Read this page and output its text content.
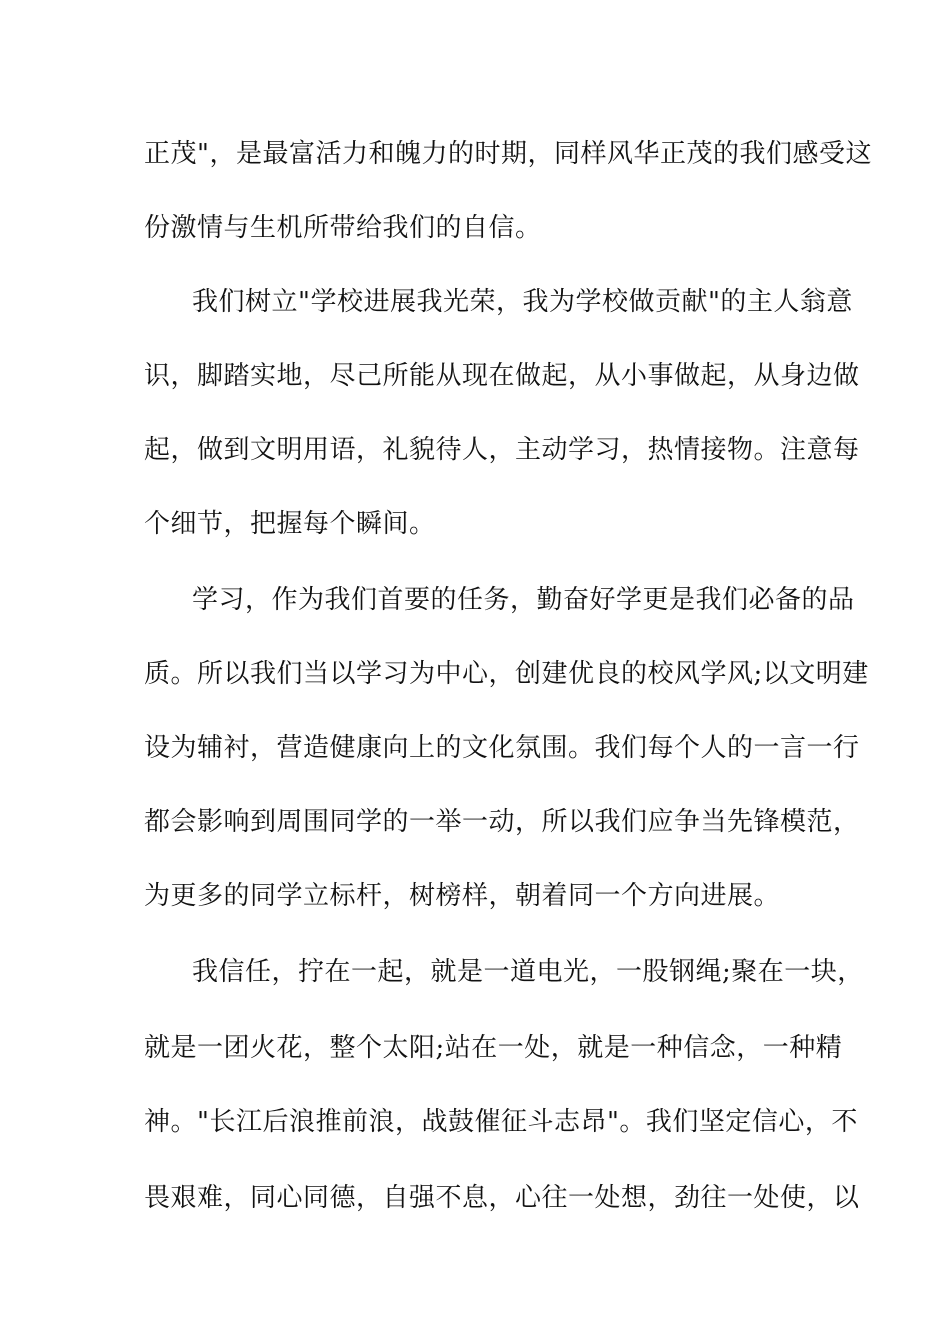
正茂"，是最富活力和魄力的时期，同样风华正茂的我们感受这
份激情与生机所带给我们的自信。
我们树立"学校进展我光荣，我为学校做贡献"的主人翁意
识，脚踏实地，尽己所能从现在做起，从小事做起，从身边做
起，做到文明用语，礼貌待人，主动学习，热情接物。注意每
个细节，把握每个瞬间。
学习，作为我们首要的任务，勤奋好学更是我们必备的品
质。所以我们当以学习为中心，创建优良的校风学风;以文明建
设为辅衬，营造健康向上的文化氛围。我们每个人的一言一行
都会影响到周围同学的一举一动，所以我们应争当先锋模范，
为更多的同学立标杆，树榜样，朝着同一个方向进展。
我信任，拧在一起，就是一道电光，一股钢绳;聚在一块，
就是一团火花，整个太阳;站在一处，就是一种信念，一种精
神。"长江后浪推前浪，战鼓催征斗志昂"。我们坚定信心，不
畏艰难，同心同德，自强不息，心往一处想，劲往一处使，以
